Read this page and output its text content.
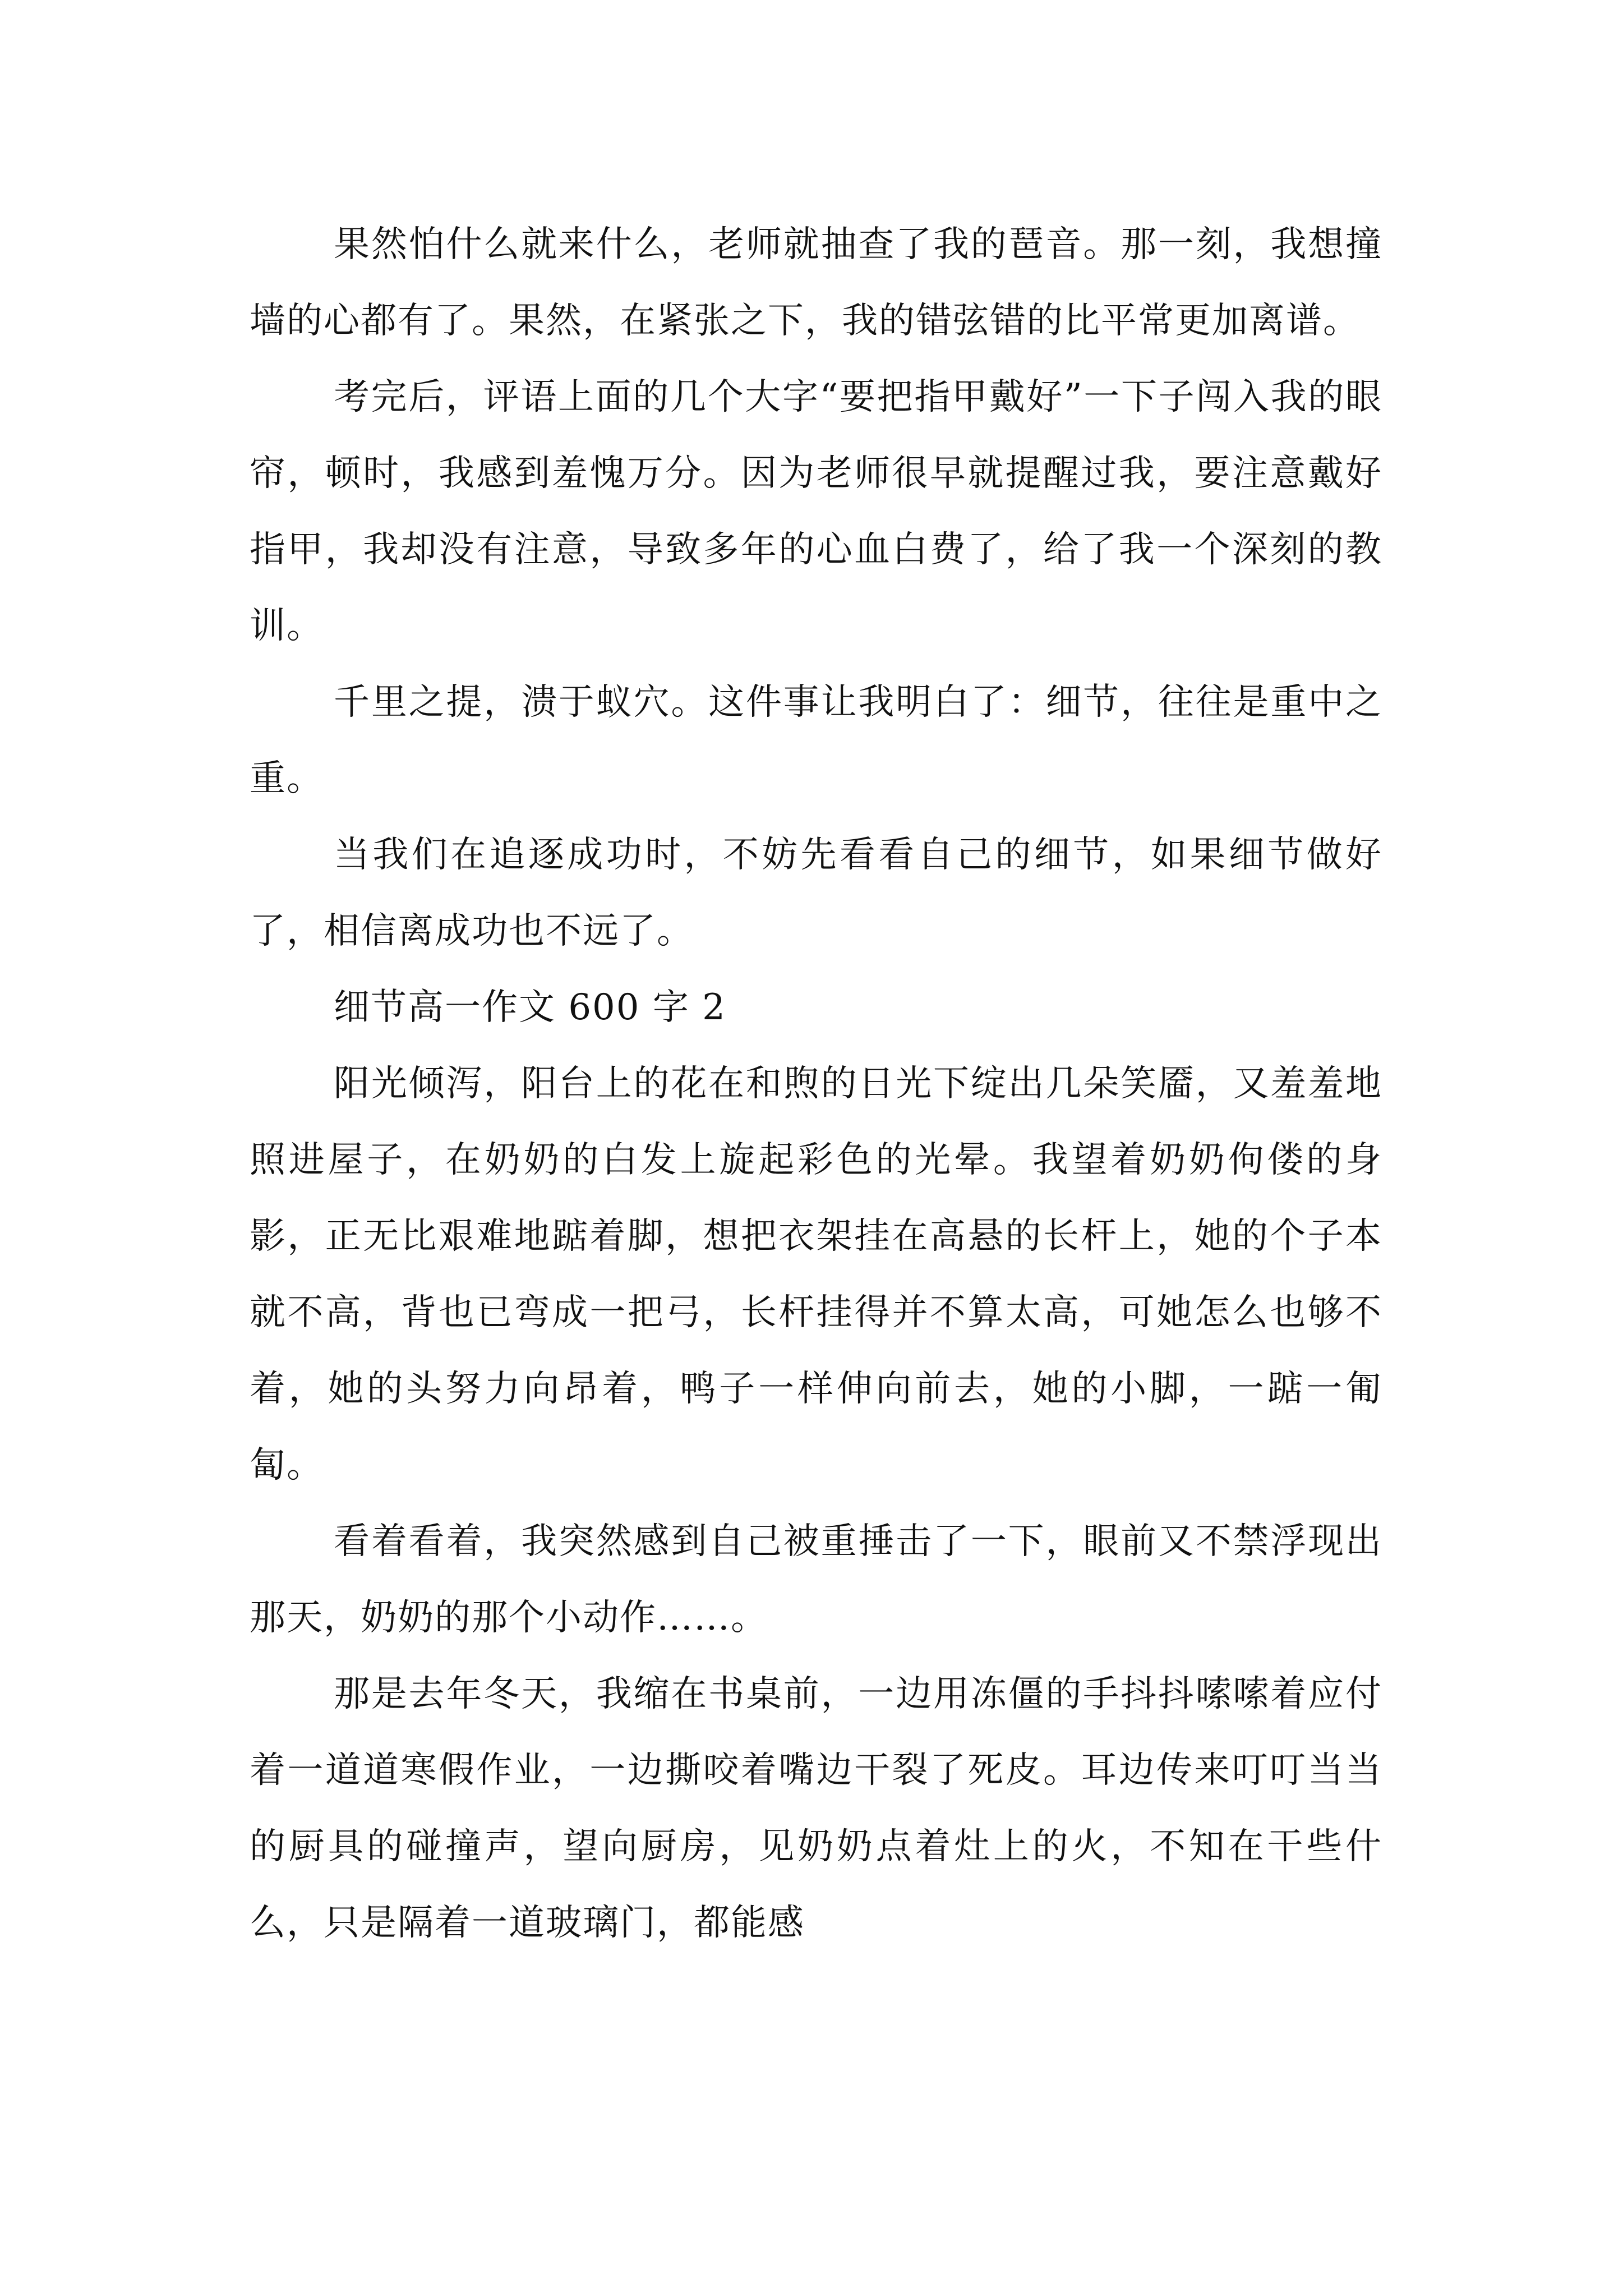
果然怕什么就来什么，老师就抽查了我的琶音。那一刻，我想撞墙的心都有了。果然，在紧张之下，我的错弦错的比平常更加离谱。

考完后，评语上面的几个大字“要把指甲戴好”一下子闯入我的眼帘，顿时，我感到羞愧万分。因为老师很早就提醒过我，要注意戴好指甲，我却没有注意，导致多年的心血白费了，给了我一个深刻的教训。

千里之提，溃于蚁穴。这件事让我明白了：细节，往往是重中之重。

当我们在追逐成功时，不妨先看看自己的细节，如果细节做好了，相信离成功也不远了。

细节高一作文 600 字 2

阳光倾泻，阳台上的花在和煦的日光下绽出几朵笑靥，又羞羞地照进屋子，在奶奶的白发上旋起彩色的光晕。我望着奶奶佝偻的身影，正无比艰难地踮着脚，想把衣架挂在高悬的长杆上，她的个子本就不高，背也已弯成一把弓，长杆挂得并不算太高，可她怎么也够不着，她的头努力向昂着，鸭子一样伸向前去，她的小脚，一踮一匍匐。

看着看着，我突然感到自己被重捶击了一下，眼前又不禁浮现出那天，奶奶的那个小动作……。

那是去年冬天，我缩在书桌前，一边用冻僵的手抖抖嗦嗦着应付着一道道寒假作业，一边撕咬着嘴边干裂了死皮。耳边传来叮叮当当的厨具的碰撞声，望向厨房，见奶奶点着灶上的火，不知在干些什么，只是隔着一道玻璃门，都能感
